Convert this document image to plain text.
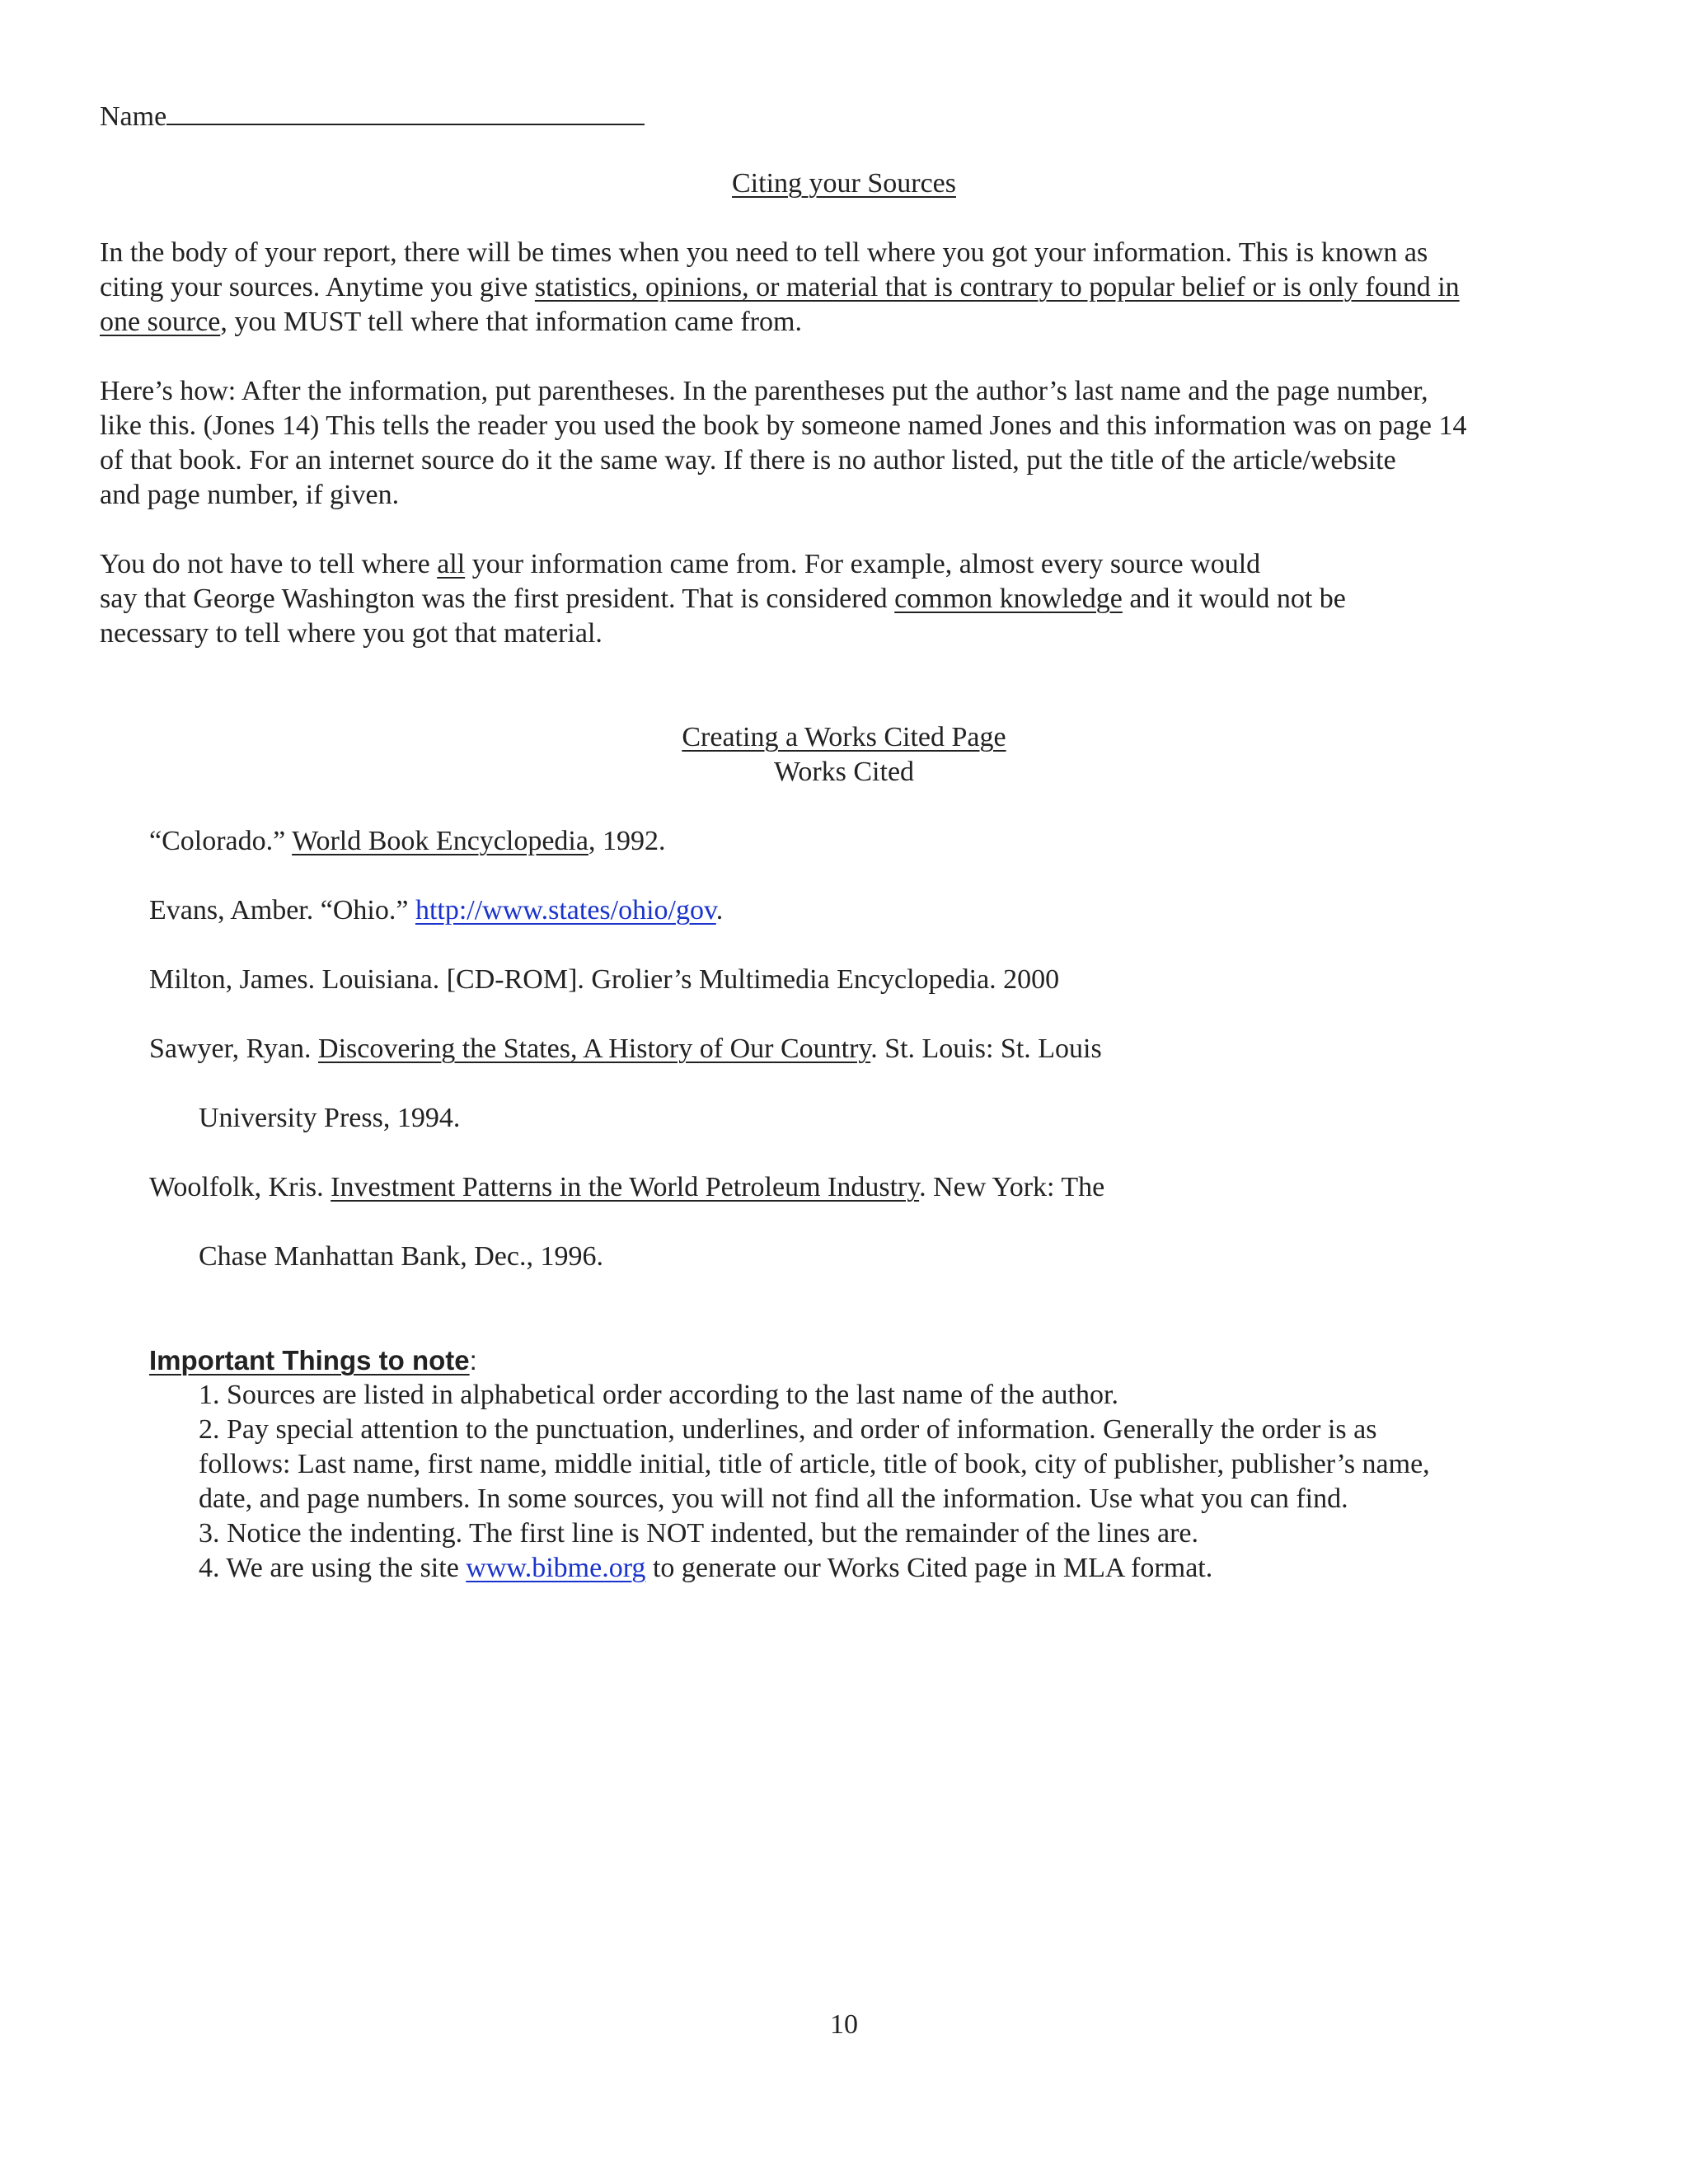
Name
Citing your Sources
In the body of your report, there will be times when you need to tell where you got your information. This is known as
citing your sources. Anytime you give statistics, opinions, or material that is contrary to popular belief or is only found in
one source, you MUST tell where that information came from.
Here’s how: After the information, put parentheses. In the parentheses put the author’s last name and the page number,
like this. (Jones 14) This tells the reader you used the book by someone named Jones and this information was on page 14
of that book. For an internet source do it the same way. If there is no author listed, put the title of the article/website
and page number, if given.
You do not have to tell where all your information came from. For example, almost every source would
say that George Washington was the first president. That is considered common knowledge and it would not be
necessary to tell where you got that material.
Creating a Works Cited Page
Works Cited
“Colorado.” World Book Encyclopedia, 1992.
Evans, Amber. “Ohio.” http://www.states/ohio/gov.
Milton, James. Louisiana. [CD-ROM]. Grolier’s Multimedia Encyclopedia. 2000
Sawyer, Ryan. Discovering the States, A History of Our Country. St. Louis: St. Louis
University Press, 1994.
Woolfolk, Kris. Investment Patterns in the World Petroleum Industry. New York: The
Chase Manhattan Bank, Dec., 1996.
Important Things to note:
1. Sources are listed in alphabetical order according to the last name of the author.
2. Pay special attention to the punctuation, underlines, and order of information. Generally the order is as
follows: Last name, first name, middle initial, title of article, title of book, city of publisher, publisher’s name,
date, and page numbers. In some sources, you will not find all the information. Use what you can find.
3. Notice the indenting. The first line is NOT indented, but the remainder of the lines are.
4. We are using the site www.bibme.org to generate our Works Cited page in MLA format.
10
